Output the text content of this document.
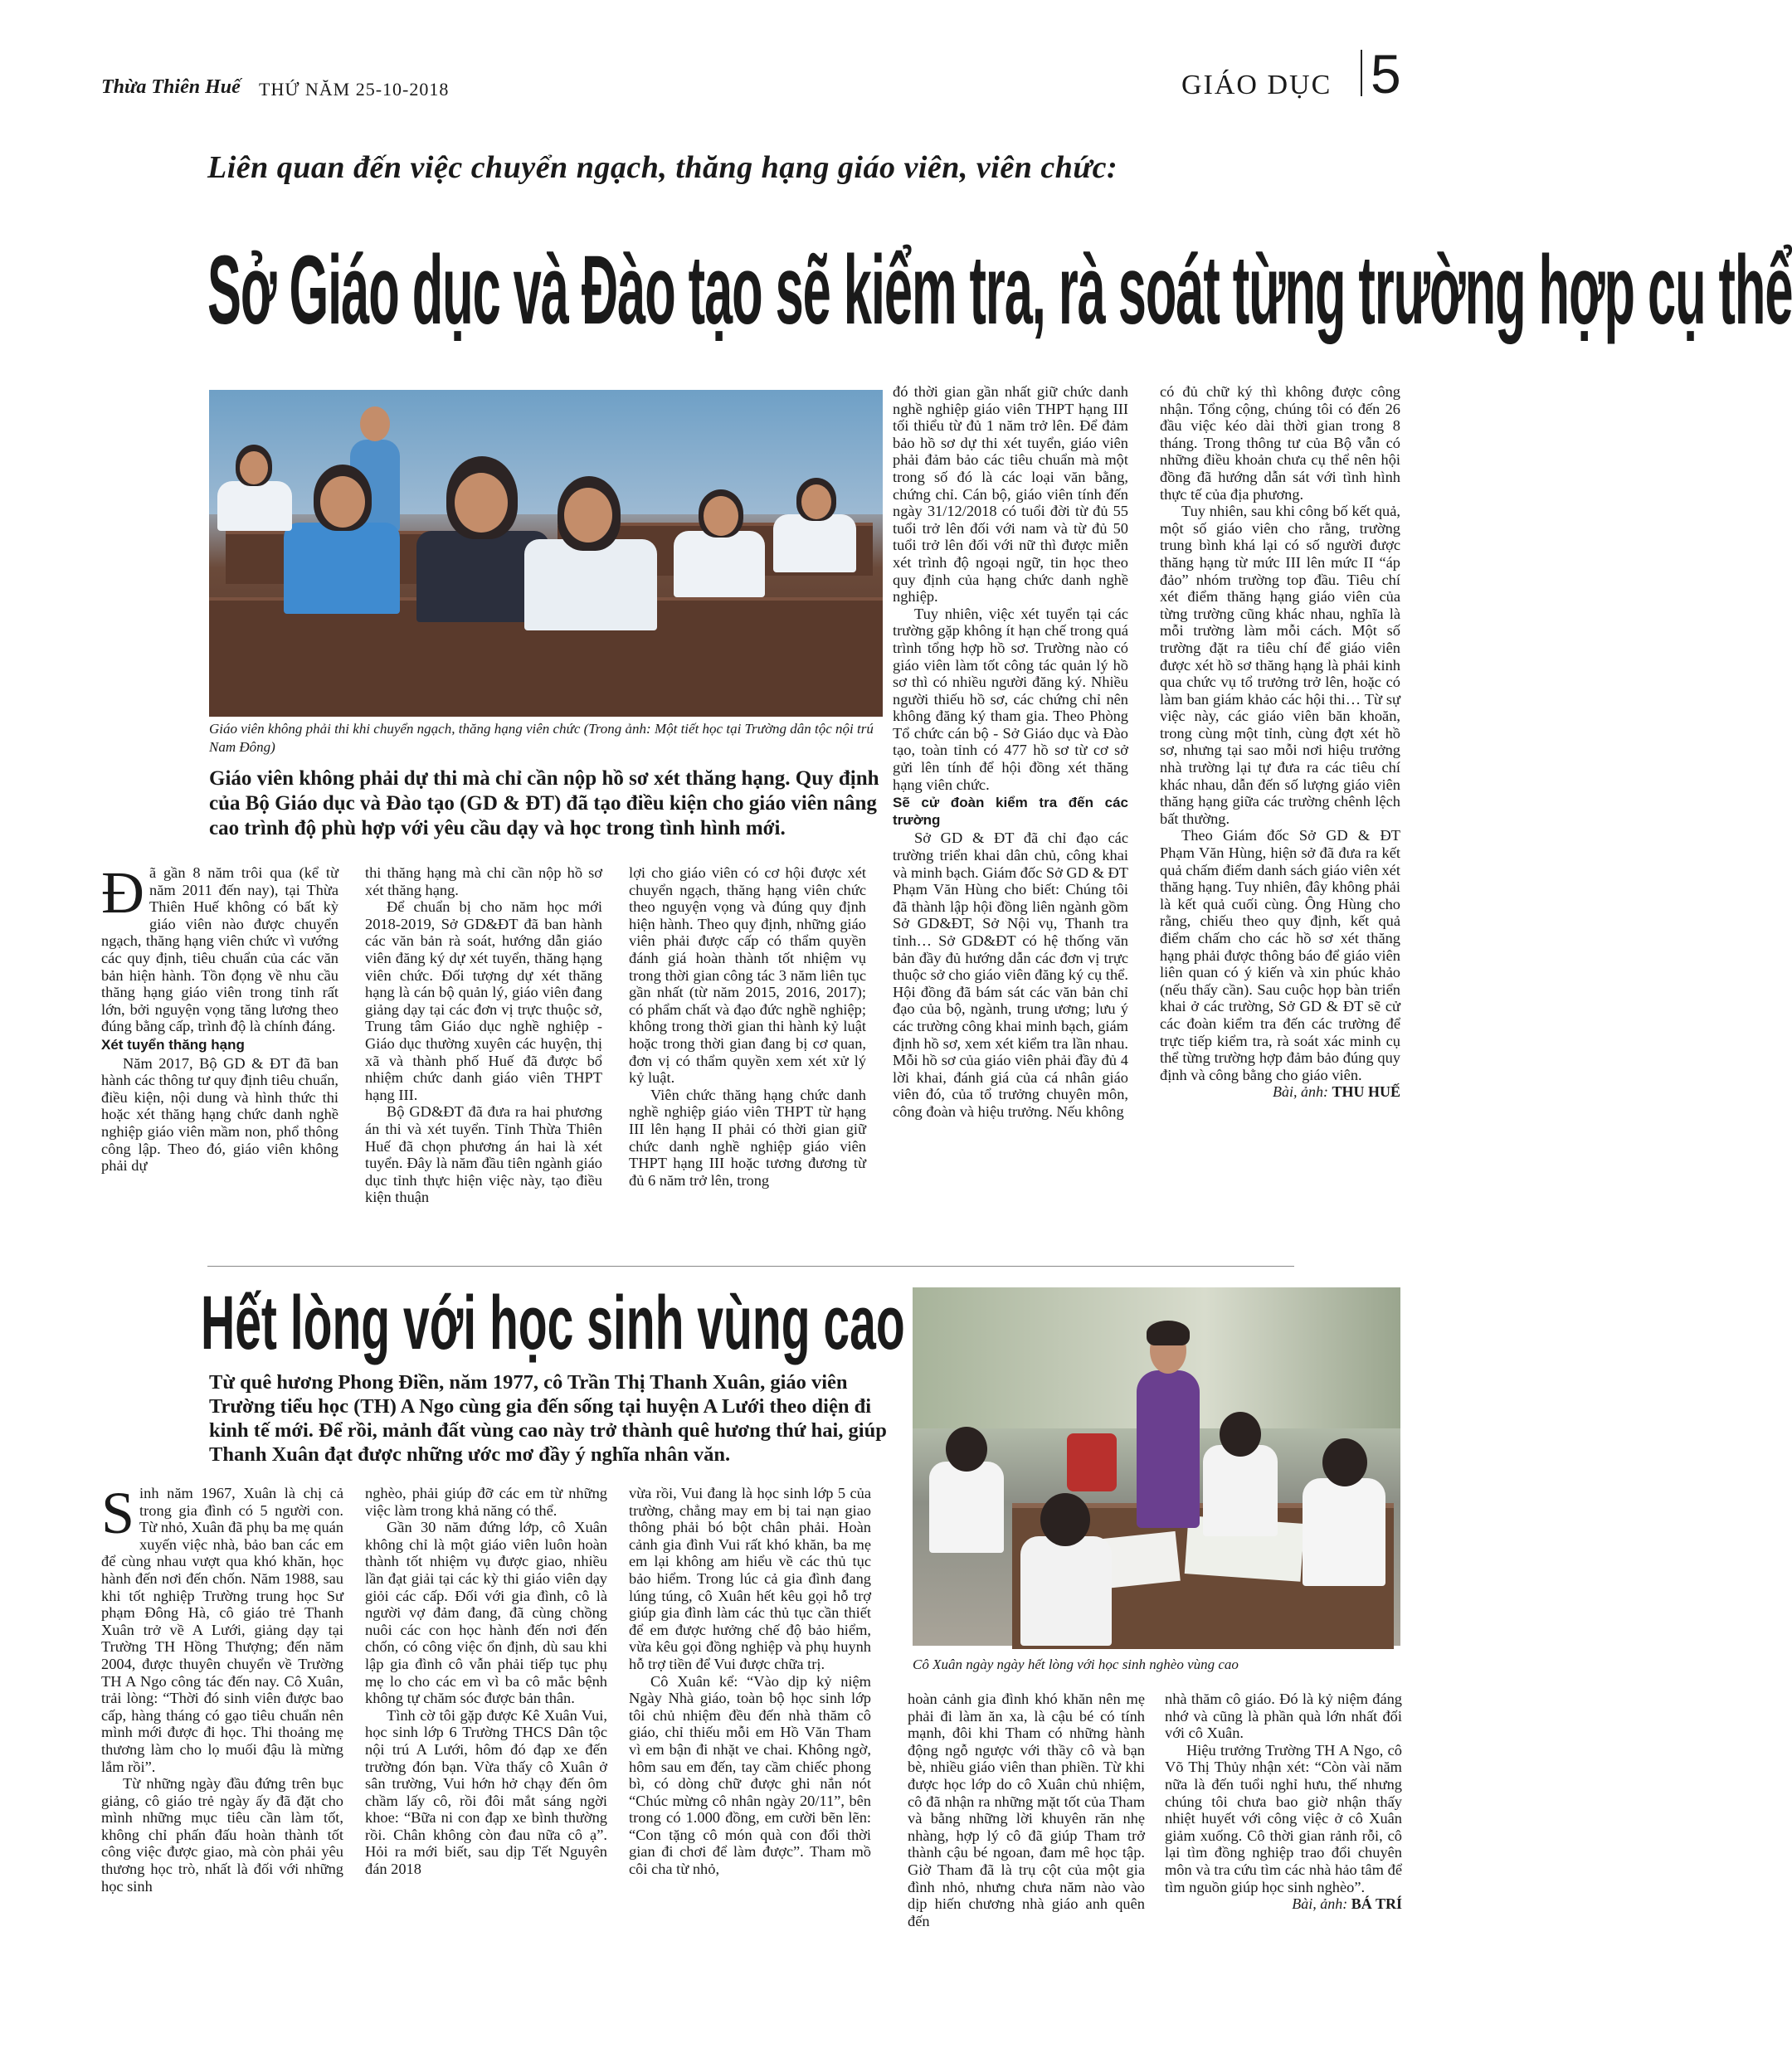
Thừa Thiên Huế THỨ NĂM 25-10-2018	GIÁO DỤC 5
Liên quan đến việc chuyển ngạch, thăng hạng giáo viên, viên chức:
Sở Giáo dục và Đào tạo sẽ kiểm tra, rà soát từng trường hợp cụ thể
Giáo viên không phải thi khi chuyển ngạch, thăng hạng viên chức (Trong ảnh: Một tiết học tại Trường dân tộc nội trú Nam Đông)
Giáo viên không phải dự thi mà chỉ cần nộp hồ sơ xét thăng hạng. Quy định của Bộ Giáo dục và Đào tạo (GD & ĐT) đã tạo điều kiện cho giáo viên nâng cao trình độ phù hợp với yêu cầu dạy và học trong tình hình mới.

Đã gần 8 năm trôi qua (kể từ năm 2011 đến nay), tại Thừa Thiên Huế không có bất kỳ giáo viên nào được chuyển ngạch, thăng hạng viên chức vì vướng các quy định, tiêu chuẩn của các văn bản hiện hành. Tồn đọng về nhu cầu thăng hạng giáo viên trong tỉnh rất lớn, bởi nguyện vọng tăng lương theo đúng bằng cấp, trình độ là chính đáng.

Xét tuyển thăng hạng

Năm 2017, Bộ GD & ĐT đã ban hành các thông tư quy định tiêu chuẩn, điều kiện, nội dung và hình thức thi hoặc xét thăng hạng chức danh nghề nghiệp giáo viên mầm non, phổ thông công lập. Theo đó, giáo viên không phải dự

thi thăng hạng mà chỉ cần nộp hồ sơ xét thăng hạng.

Để chuẩn bị cho năm học mới 2018-2019, Sở GD&ĐT đã ban hành các văn bản rà soát, hướng dẫn giáo viên đăng ký dự xét tuyển, thăng hạng viên chức. Đối tượng dự xét thăng hạng là cán bộ quản lý, giáo viên đang giảng dạy tại các đơn vị trực thuộc sở, Trung tâm Giáo dục nghề nghiệp - Giáo dục thường xuyên các huyện, thị xã và thành phố Huế đã được bổ nhiệm chức danh giáo viên THPT hạng III.

Bộ GD&ĐT đã đưa ra hai phương án thi và xét tuyển. Tỉnh Thừa Thiên Huế đã chọn phương án hai là xét tuyển. Đây là năm đầu tiên ngành giáo dục tỉnh thực hiện việc này, tạo điều kiện thuận

lợi cho giáo viên có cơ hội được xét chuyển ngạch, thăng hạng viên chức theo nguyện vọng và đúng quy định hiện hành. Theo quy định, những giáo viên phải được cấp có thẩm quyền đánh giá hoàn thành tốt nhiệm vụ trong thời gian công tác 3 năm liên tục gần nhất (từ năm 2015, 2016, 2017); có phẩm chất và đạo đức nghề nghiệp; không trong thời gian thi hành kỷ luật hoặc trong thời gian đang bị cơ quan, đơn vị có thẩm quyền xem xét xử lý kỷ luật.

Viên chức thăng hạng chức danh nghề nghiệp giáo viên THPT từ hạng III lên hạng II phải có thời gian giữ chức danh nghề nghiệp giáo viên THPT hạng III hoặc tương đương từ đủ 6 năm trở lên, trong

đó thời gian gần nhất giữ chức danh nghề nghiệp giáo viên THPT hạng III tối thiểu từ đủ 1 năm trở lên. Để đảm bảo hồ sơ dự thi xét tuyển, giáo viên phải đảm bảo các tiêu chuẩn mà một trong số đó là các loại văn bằng, chứng chỉ. Cán bộ, giáo viên tính đến ngày 31/12/2018 có tuổi đời từ đủ 55 tuổi trở lên đối với nam và từ đủ 50 tuổi trở lên đối với nữ thì được miễn xét trình độ ngoại ngữ, tin học theo quy định của hạng chức danh nghề nghiệp.

Tuy nhiên, việc xét tuyển tại các trường gặp không ít hạn chế trong quá trình tổng hợp hồ sơ. Trường nào có giáo viên làm tốt công tác quản lý hồ sơ thì có nhiều người đăng ký. Nhiều người thiếu hồ sơ, các chứng chỉ nên không đăng ký tham gia. Theo Phòng Tổ chức cán bộ - Sở Giáo dục và Đào tạo, toàn tỉnh có 477 hồ sơ từ cơ sở gửi lên tính để hội đồng xét thăng hạng viên chức.

Sẽ cử đoàn kiểm tra đến các trường

Sở GD & ĐT đã chỉ đạo các trường triển khai dân chủ, công khai và minh bạch. Giám đốc Sở GD & ĐT Phạm Văn Hùng cho biết: Chúng tôi đã thành lập hội đồng liên ngành gồm Sở GD&ĐT, Sở Nội vụ, Thanh tra tỉnh… Sở GD&ĐT có hệ thống văn bản đầy đủ hướng dẫn các đơn vị trực thuộc sở cho giáo viên đăng ký cụ thể. Hội đồng đã bám sát các văn bản chỉ đạo của bộ, ngành, trung ương; lưu ý các trường công khai minh bạch, giám định hồ sơ, xem xét kiểm tra lần nhau. Mỗi hồ sơ của giáo viên phải đầy đủ 4 lời khai, đánh giá của cá nhân giáo viên đó, của tổ trưởng chuyên môn, công đoàn và hiệu trưởng. Nếu không

có đủ chữ ký thì không được công nhận. Tổng cộng, chúng tôi có đến 26 đầu việc kéo dài thời gian trong 8 tháng. Trong thông tư của Bộ vẫn có những điều khoản chưa cụ thể nên hội đồng đã hướng dẫn sát với tình hình thực tế của địa phương.

Tuy nhiên, sau khi công bố kết quả, một số giáo viên cho rằng, trường trung bình khá lại có số người được thăng hạng từ mức III lên mức II “áp đảo” nhóm trường top đầu. Tiêu chí xét điểm thăng hạng giáo viên của từng trường cũng khác nhau, nghĩa là mỗi trường làm mỗi cách. Một số trường đặt ra tiêu chí để giáo viên được xét hồ sơ thăng hạng là phải kinh qua chức vụ tổ trưởng trở lên, hoặc có làm ban giám khảo các hội thi… Từ sự việc này, các giáo viên băn khoăn, trong cùng một tỉnh, cùng đợt xét hồ sơ, nhưng tại sao mỗi nơi hiệu trưởng nhà trường lại tự đưa ra các tiêu chí khác nhau, dẫn đến số lượng giáo viên thăng hạng giữa các trường chênh lệch bất thường.

Theo Giám đốc Sở GD & ĐT Phạm Văn Hùng, hiện sở đã đưa ra kết quả chấm điểm danh sách giáo viên xét thăng hạng. Tuy nhiên, đây không phải là kết quả cuối cùng. Ông Hùng cho rằng, chiếu theo quy định, kết quả điểm chấm cho các hồ sơ xét thăng hạng phải được thông báo để giáo viên liên quan có ý kiến và xin phúc khảo (nếu thấy cần). Sau cuộc họp bàn triển khai ở các trường, Sở GD & ĐT sẽ cử các đoàn kiểm tra đến các trường để trực tiếp kiểm tra, rà soát xác minh cụ thể từng trường hợp đảm bảo đúng quy định và công bằng cho giáo viên.

Bài, ảnh: THU HUẾ
Hết lòng với học sinh vùng cao
Từ quê hương Phong Điền, năm 1977, cô Trần Thị Thanh Xuân, giáo viên Trường tiểu học (TH) A Ngo cùng gia đến sống tại huyện A Lưới theo diện đi kinh tế mới. Để rồi, mảnh đất vùng cao này trở thành quê hương thứ hai, giúp Thanh Xuân đạt được những ước mơ đầy ý nghĩa nhân văn.
Cô Xuân ngày ngày hết lòng với học sinh nghèo vùng cao

Sinh năm 1967, Xuân là chị cả trong gia đình có 5 người con. Từ nhỏ, Xuân đã phụ ba mẹ quán xuyến việc nhà, bảo ban các em để cùng nhau vượt qua khó khăn, học hành đến nơi đến chốn. Năm 1988, sau khi tốt nghiệp Trường trung học Sư phạm Đông Hà, cô giáo trẻ Thanh Xuân trở về A Lưới, giảng dạy tại Trường TH Hồng Thượng; đến năm 2004, được thuyên chuyển về Trường TH A Ngo công tác đến nay. Cô Xuân, trải lòng: “Thời đó sinh viên được bao cấp, hàng tháng có gạo tiêu chuẩn nên mình mới được đi học. Thi thoảng mẹ thương làm cho lọ muối đậu là mừng lắm rồi”.

Từ những ngày đầu đứng trên bục giảng, cô giáo trẻ ngày ấy đã đặt cho mình những mục tiêu cần làm tốt, không chỉ phấn đấu hoàn thành tốt công việc được giao, mà còn phải yêu thương học trò, nhất là đối với những học sinh

nghèo, phải giúp đỡ các em từ những việc làm trong khả năng có thể.

Gần 30 năm đứng lớp, cô Xuân không chỉ là một giáo viên luôn hoàn thành tốt nhiệm vụ được giao, nhiều lần đạt giải tại các kỳ thi giáo viên dạy giỏi các cấp. Đối với gia đình, cô là người vợ đảm đang, đã cùng chồng nuôi các con học hành đến nơi đến chốn, có công việc ổn định, dù sau khi lập gia đình cô vẫn phải tiếp tục phụ mẹ lo cho các em vì ba cô mắc bệnh không tự chăm sóc được bản thân.

Tình cờ tôi gặp được Kê Xuân Vui, học sinh lớp 6 Trường THCS Dân tộc nội trú A Lưới, hôm đó đạp xe đến trường đón bạn. Vừa thấy cô Xuân ở sân trường, Vui hớn hở chạy đến ôm chầm lấy cô, rồi đôi mắt sáng ngời khoe: “Bữa ni con đạp xe bình thường rồi. Chân không còn đau nữa cô ạ”. Hỏi ra mới biết, sau dịp Tết Nguyên đán 2018

vừa rồi, Vui đang là học sinh lớp 5 của trường, chẳng may em bị tai nạn giao thông phải bó bột chân phải. Hoàn cảnh gia đình Vui rất khó khăn, ba mẹ em lại không am hiểu về các thủ tục bảo hiểm. Trong lúc cả gia đình đang lúng túng, cô Xuân hết kêu gọi hỗ trợ giúp gia đình làm các thủ tục cần thiết để em được hưởng chế độ bảo hiểm, vừa kêu gọi đồng nghiệp và phụ huynh hỗ trợ tiền để Vui được chữa trị.

Cô Xuân kể: “Vào dịp kỷ niệm Ngày Nhà giáo, toàn bộ học sinh lớp tôi chủ nhiệm đều đến nhà thăm cô giáo, chỉ thiếu mỗi em Hồ Văn Tham vì em bận đi nhặt ve chai. Không ngờ, hôm sau em đến, tay cầm chiếc phong bì, có dòng chữ được ghi nắn nót “Chúc mừng cô nhân ngày 20/11”, bên trong có 1.000 đồng, em cười bẽn lẽn: “Con tặng cô món quà con đổi thời gian đi chơi để làm được”. Tham mồ côi cha từ nhỏ,

hoàn cảnh gia đình khó khăn nên mẹ phải đi làm ăn xa, là cậu bé có tính mạnh, đôi khi Tham có những hành động ngỗ ngược với thầy cô và bạn bè, nhiều giáo viên than phiền. Từ khi được học lớp do cô Xuân chủ nhiệm, cô đã nhận ra những mặt tốt của Tham và bằng những lời khuyên răn nhẹ nhàng, hợp lý cô đã giúp Tham trở thành cậu bé ngoan, đam mê học tập. Giờ Tham đã là trụ cột của một gia đình nhỏ, nhưng chưa năm nào vào dịp hiến chương nhà giáo anh quên đến

nhà thăm cô giáo. Đó là kỷ niệm đáng nhớ và cũng là phần quà lớn nhất đối với cô Xuân.

Hiệu trưởng Trường TH A Ngo, cô Võ Thị Thủy nhận xét: “Còn vài năm nữa là đến tuổi nghỉ hưu, thế nhưng chúng tôi chưa bao giờ nhận thấy nhiệt huyết với công việc ở cô Xuân giảm xuống. Cô thời gian rảnh rỗi, cô lại tìm đồng nghiệp trao đổi chuyên môn và tra cứu tìm các nhà hảo tâm để tìm nguồn giúp học sinh nghèo”.

Bài, ảnh: BÁ TRÍ
